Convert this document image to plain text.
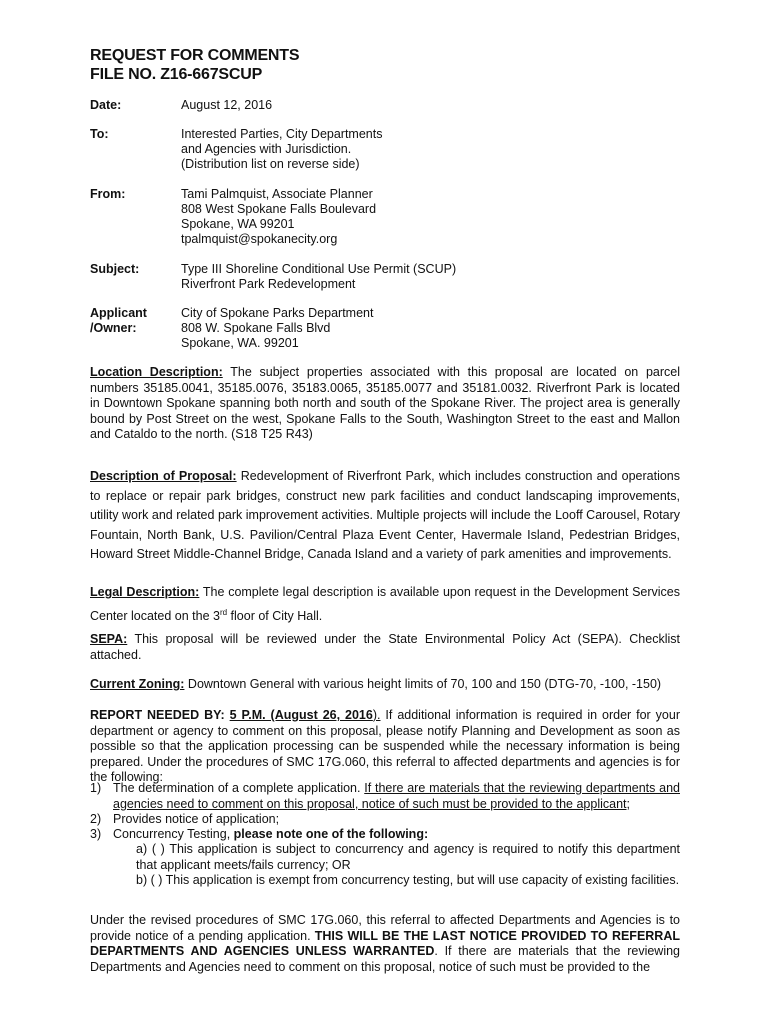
REQUEST FOR COMMENTS
FILE NO. Z16-667SCUP
Date:	August 12, 2016
To:	Interested Parties, City Departments
and Agencies with Jurisdiction.
(Distribution list on reverse side)
From:	Tami Palmquist, Associate Planner
808 West Spokane Falls Boulevard
Spokane, WA 99201
tpalmquist@spokanecity.org
Subject:	Type III Shoreline Conditional Use Permit (SCUP)
Riverfront Park Redevelopment
Applicant
/Owner:
City of Spokane Parks Department
808 W. Spokane Falls Blvd
Spokane, WA. 99201
Location Description: The subject properties associated with this proposal are located on parcel numbers 35185.0041, 35185.0076, 35183.0065, 35185.0077 and 35181.0032. Riverfront Park is located in Downtown Spokane spanning both north and south of the Spokane River. The project area is generally bound by Post Street on the west, Spokane Falls to the South, Washington Street to the east and Mallon and Cataldo to the north. (S18 T25 R43)
Description of Proposal: Redevelopment of Riverfront Park, which includes construction and operations to replace or repair park bridges, construct new park facilities and conduct landscaping improvements, utility work and related park improvement activities. Multiple projects will include the Looff Carousel, Rotary Fountain, North Bank, U.S. Pavilion/Central Plaza Event Center, Havermale Island, Pedestrian Bridges, Howard Street Middle-Channel Bridge, Canada Island and a variety of park amenities and improvements.
Legal Description: The complete legal description is available upon request in the Development Services Center located on the 3rd floor of City Hall.
SEPA: This proposal will be reviewed under the State Environmental Policy Act (SEPA). Checklist attached.
Current Zoning: Downtown General with various height limits of 70, 100 and 150 (DTG-70, -100, -150)
REPORT NEEDED BY: 5 P.M. (August 26, 2016). If additional information is required in order for your department or agency to comment on this proposal, please notify Planning and Development as soon as possible so that the application processing can be suspended while the necessary information is being prepared. Under the procedures of SMC 17G.060, this referral to affected departments and agencies is for the following:
1) The determination of a complete application. If there are materials that the reviewing departments and agencies need to comment on this proposal, notice of such must be provided to the applicant;
2) Provides notice of application;
3) Concurrency Testing, please note one of the following:
a) ( ) This application is subject to concurrency and agency is required to notify this department that applicant meets/fails currency; OR
b) ( ) This application is exempt from concurrency testing, but will use capacity of existing facilities.
Under the revised procedures of SMC 17G.060, this referral to affected Departments and Agencies is to provide notice of a pending application. THIS WILL BE THE LAST NOTICE PROVIDED TO REFERRAL DEPARTMENTS AND AGENCIES UNLESS WARRANTED. If there are materials that the reviewing Departments and Agencies need to comment on this proposal, notice of such must be provided to the
